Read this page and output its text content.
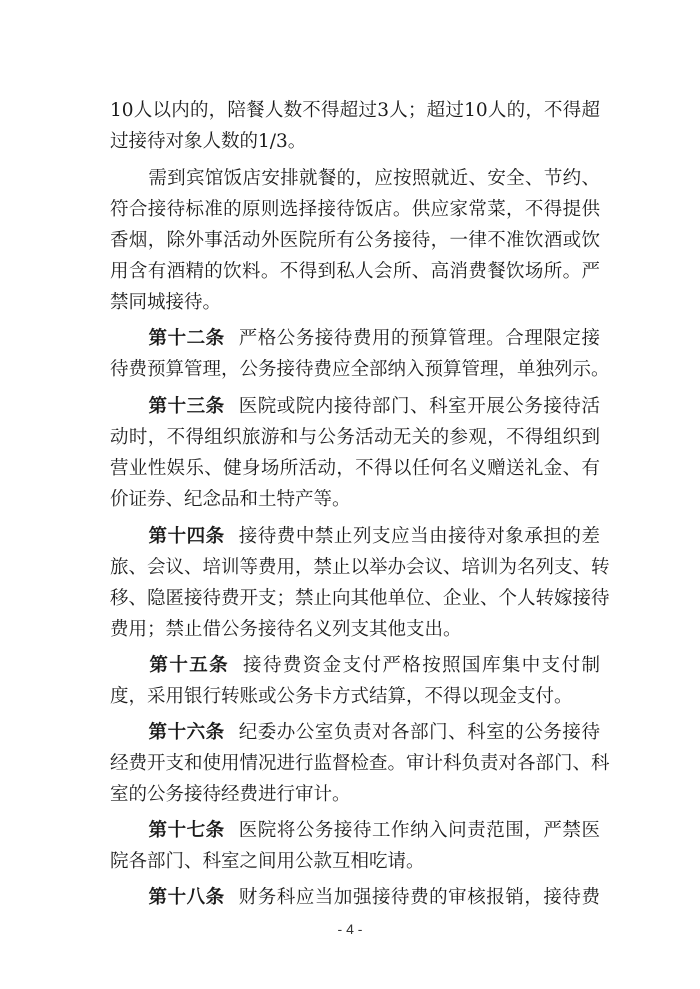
10人以内的，陪餐人数不得超过3人；超过10人的，不得超
过接待对象人数的1/3。
需到宾馆饭店安排就餐的，应按照就近、安全、节约、
符合接待标准的原则选择接待饭店。供应家常菜，不得提供
香烟，除外事活动外医院所有公务接待，一律不准饮酒或饮
用含有酒精的饮料。不得到私人会所、高消费餐饮场所。严
禁同城接待。
第十二条 严格公务接待费用的预算管理。合理限定接
待费预算管理，公务接待费应全部纳入预算管理，单独列示。
第十三条 医院或院内接待部门、科室开展公务接待活
动时，不得组织旅游和与公务活动无关的参观，不得组织到
营业性娱乐、健身场所活动，不得以任何名义赠送礼金、有
价证券、纪念品和土特产等。
第十四条 接待费中禁止列支应当由接待对象承担的差
旅、会议、培训等费用，禁止以举办会议、培训为名列支、转
移、隐匿接待费开支；禁止向其他单位、企业、个人转嫁接待
费用；禁止借公务接待名义列支其他支出。
第十五条 接待费资金支付严格按照国库集中支付制
度，采用银行转账或公务卡方式结算，不得以现金支付。
第十六条 纪委办公室负责对各部门、科室的公务接待
经费开支和使用情况进行监督检查。审计科负责对各部门、科
室的公务接待经费进行审计。
第十七条 医院将公务接待工作纳入问责范围，严禁医
院各部门、科室之间用公款互相吃请。
第十八条 财务科应当加强接待费的审核报销，接待费
- 4 -
